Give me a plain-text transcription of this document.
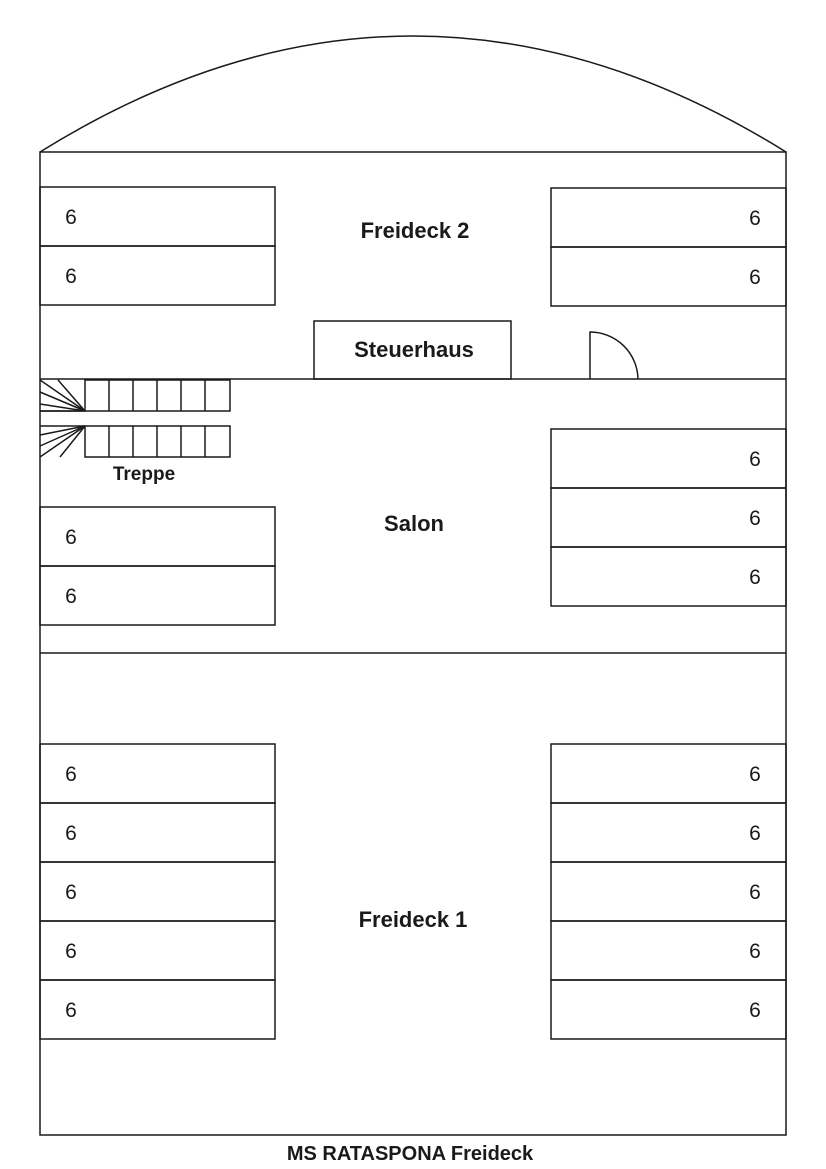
Steuerhaus
Treppe
Freideck 2
Salon
Freideck 1
6
6
6
6
6
6
6
6
6
6
6
6
6
6
6
6
6
6
6
MS RATASPONA Freideck
